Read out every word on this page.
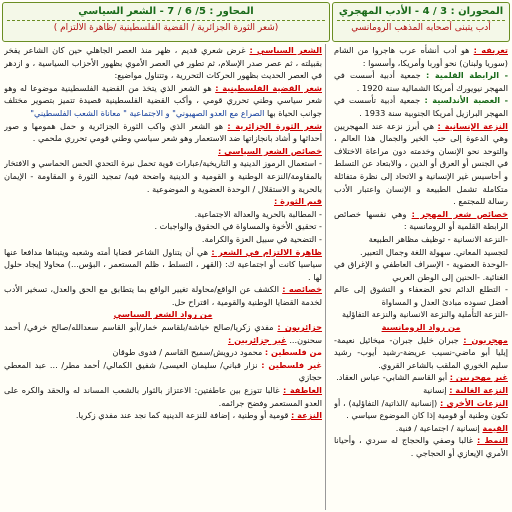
المحوران : 3 / 4 - الأدب المهجري
أدب يتبنى أصحابه المذهب الرومانسي
المحاور : 5/ 6 / 7 - الشعر السياسي
(شعر الثورة الجزائرية / القضية الفلسطينية /ظاهرة الالتزام )

تعريفه : هو أدب أنشأه عرب هاجروا من الشام (سوريا ولبنان) نحو أوربا وأمريكا، وأسسوا :

- الرابطة القلمية : جمعية أدبية أسست في المهجر نيويورك أمريكا الشمالية سنة 1920 .

- العصبة الأندلسية : جمعية أدبية تأسست في المهجر البرازيل أمريكا الجنوبية سنة 1933 .

النزعة الإنسانية : هي أبرز نزعة عند المهجريين وهي الدعوة إلى حب الخير والجمال هذا العالم ، والتوحد نحو الإنسان وخدمته دون مراعاة الاختلاف في الجنس أو العرق أو الدين ، والابتعاد عن التسلط و أحاسيس غير الإنسانية و الاتحاد إلى نظرة متفائلة متكاملة تشمل الطبيعة و الإنسان واعتبار الأدب رسالة للمجتمع .

خصائص شعر المهجر : وهي نفسها خصائص الرابطة القلمية أو الرومانسية :

-النزعة الانسانية - توظيف مظاهر الطبيعة

لتجسيد المعاني. سهولة اللغة وجمال التعبير.

-الوحدة العضوية - الإسراف العاطفي و الإغراق في الغنائية. -الحنين إلى الوطن العربي

- التطلع الدائم نحو الضعفاء و التشوق إلى عالم أفضل تسوده مبادئ العدل و المساواة

-النزعة التأملية والنزعة الانسانية والنزعة التفاؤلية

من رواد الرومانسية

مهجريون : جبران خليل جبران- ميخائيل نعيمة- إيليا أبو ماضي-نسيب عريضة-رشيد أيوب- رشيد سليم الخوري الملقب بالشاعر القروي.

غير مهجريين : أبو القاسم الشابي- عباس العقاد.

النزعة الغالبة : إنسانية

النزعات الأخرى : (إنسانية /الذاتية/ التفاؤلية) ، أو تكون وطنية أو قومية إذا كان الموضوع سياسي .

القيمة إنسانية / اجتماعية / فنية.

النمط : غالبا وصفي والحجاج له سردي ، وأحيانا الأمري الإيعازي أو الحجاجي .

الشعر السياسي : غرض شعري قديم ، ظهر منذ العصر الجاهلي حين كان الشاعر يفخر بقبيلته ، ثم عصر صدر الإسلام، ثم تطور في العصر الأموي بظهور الأحزاب السياسية ، و ازدهر في العصر الحديث بظهور الحركات التحررية ، وتتناول مواضيع:

شعر القضية الفلسطينية : هو الشعر الذي يتخذ من القضية الفلسطينية موضوعا له وهو شعر سياسي وطني تحرري قومي ، وأكب القضية الفلسطينية قصيدة تتميز بتصوير مختلف جوانب الحياة بها الصراع مع العدو الصهيوني" و الاجتماعية " معاناة الشعب الفلسطيني"

شعر الثورة الجزائرية : هو الشعر الذي واكب الثورة الجزائرية و حمل همومها و صور أحداثها و أشاد بانجازاتها ضد الاستعمار وهو شعر سياسي وطني قومي تحرري ملحمي .

خصائص الشعر السياسي :

- استعمال الرموز الدينية و التاريخية/عبارات قوية تحمل نبرة التحدي الحس الحماسي و الافتخار بالمقاومة/النزعة الوطنية و القومية و الدينية واضحة فيه/ تمجيد الثورة و المقاومة - الإيمان بالحرية و الاستقلال / الوحدة العضوية و الموضوعية .

قيم الثورة :

- المطالبة بالحرية والعدالة الاجتماعية.

- تحقيق الأخوة والمساواة في الحقوق والواجبات .

- التضحية في سبيل العزة والكرامة.

ظاهرة الالتزام في الشعر : هي أن يتناول الشاعر قضايا أمته وشعبه ويتبناها مدافعا عنها سياسيا كانت أو اجتماعية ك: (القهر ، التسلط ، ظلم المستعمر ، البؤس...) محاولا إيجاد حلول لها .

خصائصه : الكشف عن الواقع/محاولة تغيير الواقع بما يتطابق مع الحق والعدل، تسخير الأدب لخدمة القضايا الوطنية والقومية ، اقتراح حل.

من رواد الشعر السياسي

جزائريون : مفدي زكريا/صالح خباشة/بلقاسم خمار/أبو القاسم سعدالله/صالح خرفي/ أحمد سحنون... غير جزائريين :

من فلسطين : محمود درويش/سميح القاسم / فدوى طوقان

غير فلسطين : نزار قباني/ سليمان العيسى/ شفيق الكمالي/ أحمد مطر/ ... عبد المعطي حجازي

العاطفة : غالبا تتوزع بين عاطفتين: الاعتزاز بالثوار بالشعب المساند له والحقد والكره على العدو المستعمر وفضح جرائمه.

النزعة : قومية أو وطنية ، إضافة للنزعة الدينية كما نجد عند مفدي زكريا.
